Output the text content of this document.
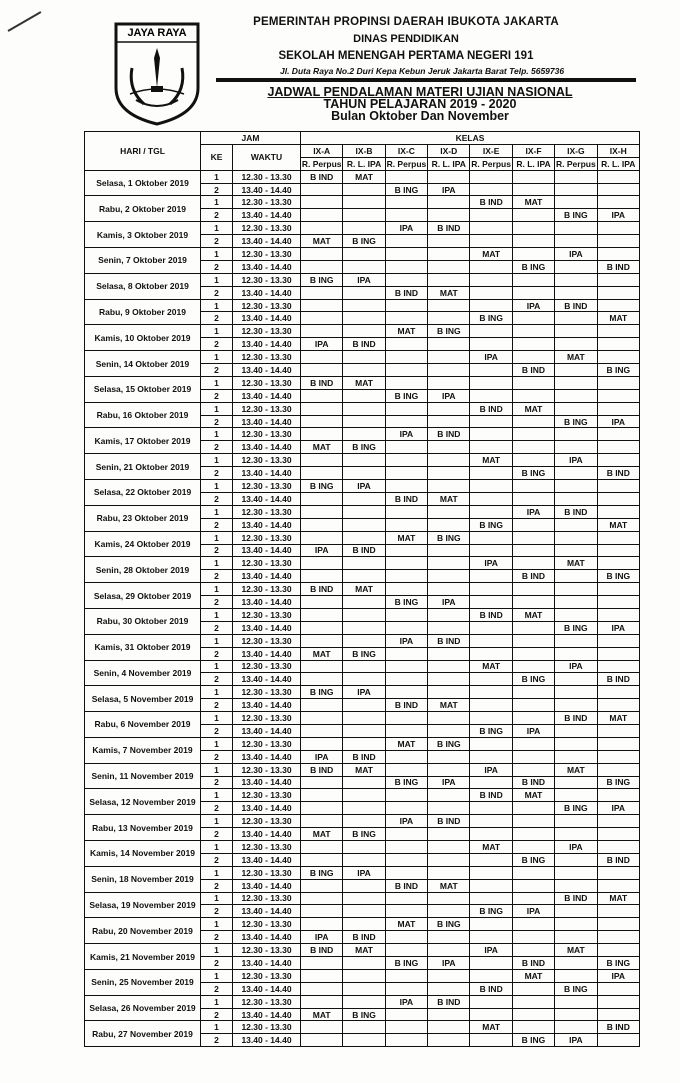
JAYA RAYA
PEMERINTAH PROPINSI DAERAH IBUKOTA JAKARTA
DINAS PENDIDIKAN
SEKOLAH MENENGAH PERTAMA NEGERI 191
Jl. Duta Raya No.2 Duri Kepa Kebun Jeruk Jakarta Barat Telp. 5659736
JADWAL PENDALAMAN MATERI UJIAN NASIONAL
TAHUN PELAJARAN 2019 - 2020
Bulan Oktober Dan November
HARI / TGL	JAM		KELAS							
	KE	WAKTU	IX-A	IX-B	IX-C	IX-D	IX-E	IX-F	IX-G	IX-H
			R. Perpus	R. L. IPA	R. Perpus	R. L. IPA	R. Perpus	R. L. IPA	R. Perpus	R. L. IPA
Selasa, 1 Oktober 2019	1	12.30 - 13.30	B IND	MAT						
	2	13.40 - 14.40			B ING	IPA				
Rabu, 2 Oktober 2019	1	12.30 - 13.30					B IND	MAT		
	2	13.40 - 14.40							B ING	IPA
Kamis, 3 Oktober 2019	1	12.30 - 13.30			IPA	B IND				
	2	13.40 - 14.40	MAT	B ING						
Senin, 7 Oktober 2019	1	12.30 - 13.30					MAT		IPA	
	2	13.40 - 14.40						B ING		B IND
Selasa, 8 Oktober 2019	1	12.30 - 13.30	B ING	IPA						
	2	13.40 - 14.40			B IND	MAT				
Rabu, 9 Oktober 2019	1	12.30 - 13.30						IPA	B IND	
	2	13.40 - 14.40					B ING			MAT
Kamis, 10 Oktober 2019	1	12.30 - 13.30			MAT	B ING				
	2	13.40 - 14.40	IPA	B IND						
Senin, 14 Oktober 2019	1	12.30 - 13.30					IPA		MAT	
	2	13.40 - 14.40						B IND		B ING
Selasa, 15 Oktober 2019	1	12.30 - 13.30	B IND	MAT						
	2	13.40 - 14.40			B ING	IPA				
Rabu, 16 Oktober 2019	1	12.30 - 13.30					B IND	MAT		
	2	13.40 - 14.40							B ING	IPA
Kamis, 17 Oktober 2019	1	12.30 - 13.30			IPA	B IND				
	2	13.40 - 14.40	MAT	B ING						
Senin, 21 Oktober 2019	1	12.30 - 13.30					MAT		IPA	
	2	13.40 - 14.40						B ING		B IND
Selasa, 22 Oktober 2019	1	12.30 - 13.30	B ING	IPA						
	2	13.40 - 14.40			B IND	MAT				
Rabu, 23 Oktober 2019	1	12.30 - 13.30						IPA	B IND	
	2	13.40 - 14.40					B ING			MAT
Kamis, 24 Oktober 2019	1	12.30 - 13.30			MAT	B ING				
	2	13.40 - 14.40	IPA	B IND						
Senin, 28 Oktober 2019	1	12.30 - 13.30					IPA		MAT	
	2	13.40 - 14.40						B IND		B ING
Selasa, 29 Oktober 2019	1	12.30 - 13.30	B IND	MAT						
	2	13.40 - 14.40			B ING	IPA				
Rabu, 30 Oktober 2019	1	12.30 - 13.30					B IND	MAT		
	2	13.40 - 14.40							B ING	IPA
Kamis, 31 Oktober 2019	1	12.30 - 13.30			IPA	B IND				
	2	13.40 - 14.40	MAT	B ING						
Senin, 4 November 2019	1	12.30 - 13.30					MAT		IPA	
	2	13.40 - 14.40						B ING		B IND
Selasa, 5 November 2019	1	12.30 - 13.30	B ING	IPA						
	2	13.40 - 14.40			B IND	MAT				
Rabu, 6 November 2019	1	12.30 - 13.30							B IND	MAT
	2	13.40 - 14.40					B ING	IPA		
Kamis, 7 November 2019	1	12.30 - 13.30			MAT	B ING				
	2	13.40 - 14.40	IPA	B IND						
Senin, 11 November 2019	1	12.30 - 13.30	B IND	MAT			IPA		MAT	
	2	13.40 - 14.40			B ING	IPA		B IND		B ING
Selasa, 12 November 2019	1	12.30 - 13.30					B IND	MAT		
	2	13.40 - 14.40							B ING	IPA
Rabu, 13 November 2019	1	12.30 - 13.30			IPA	B IND				
	2	13.40 - 14.40	MAT	B ING						
Kamis, 14 November 2019	1	12.30 - 13.30					MAT		IPA	
	2	13.40 - 14.40						B ING		B IND
Senin, 18 November 2019	1	12.30 - 13.30	B ING	IPA						
	2	13.40 - 14.40			B IND	MAT				
Selasa, 19 November 2019	1	12.30 - 13.30							B IND	MAT
	2	13.40 - 14.40					B ING	IPA		
Rabu, 20 November 2019	1	12.30 - 13.30			MAT	B ING				
	2	13.40 - 14.40	IPA	B IND						
Kamis, 21 November 2019	1	12.30 - 13.30	B IND	MAT			IPA		MAT	
	2	13.40 - 14.40			B ING	IPA		B IND		B ING
Senin, 25 November 2019	1	12.30 - 13.30						MAT		IPA
	2	13.40 - 14.40					B IND		B ING	
Selasa, 26 November 2019	1	12.30 - 13.30			IPA	B IND				
	2	13.40 - 14.40	MAT	B ING						
Rabu, 27 November 2019	1	12.30 - 13.30					MAT			B IND
	2	13.40 - 14.40						B ING	IPA	
